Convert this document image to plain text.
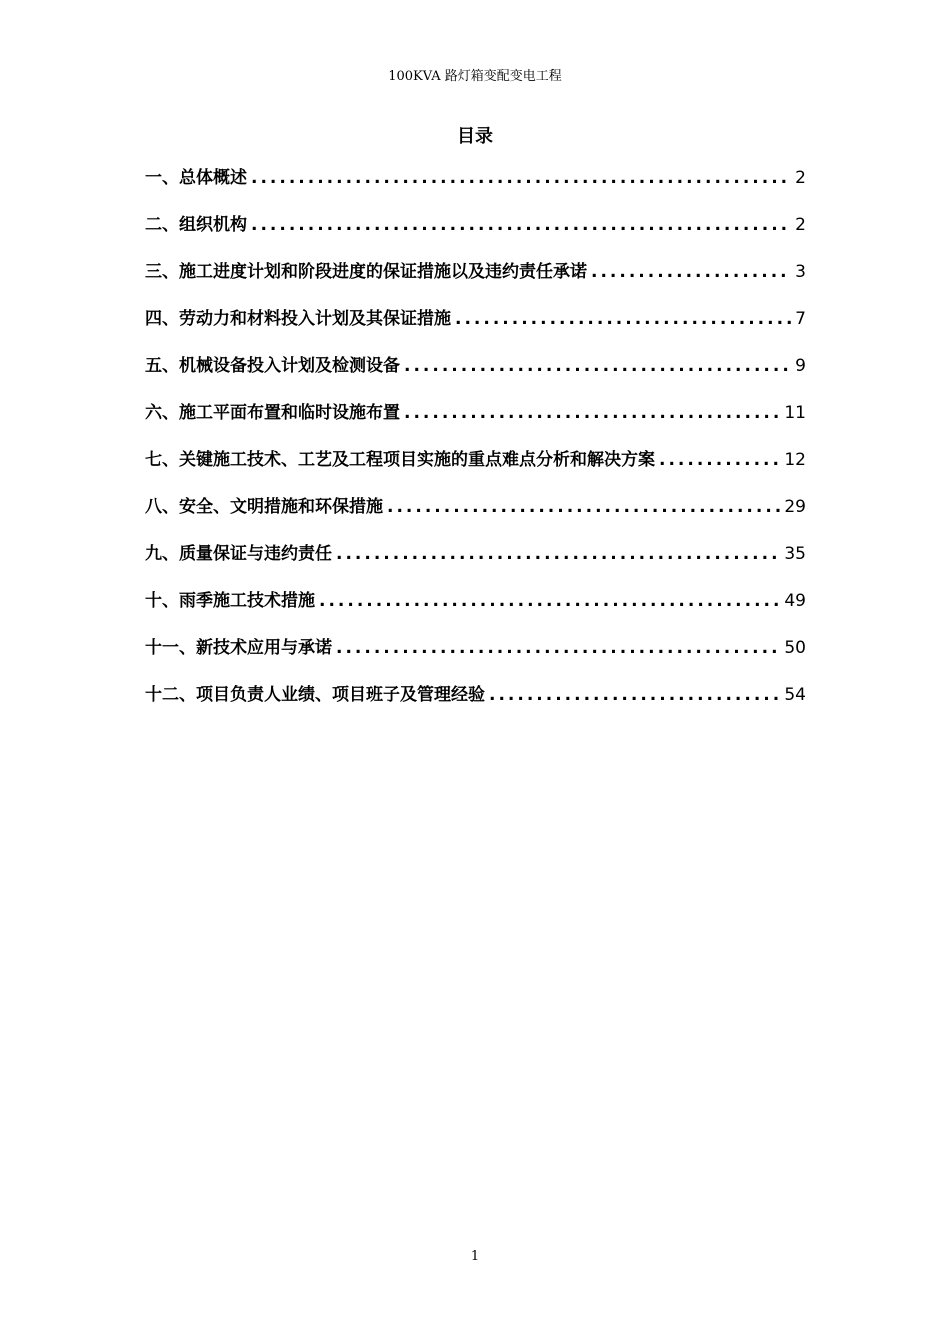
100KVA 路灯箱变配变电工程
目录
一、总体概述 .....	2
二、组织机构 .....	2
三、施工进度计划和阶段进度的保证措施以及违约责任承诺 .....	3
四、劳动力和材料投入计划及其保证措施 .....	7
五、机械设备投入计划及检测设备 .....	9
六、施工平面布置和临时设施布置 .....	11
七、关键施工技术、工艺及工程项目实施的重点难点分析和解决方案 .....	12
八、安全、文明措施和环保措施 .....	29
九、质量保证与违约责任 .....	35
十、雨季施工技术措施 .....	49
十一、新技术应用与承诺 .....	50
十二、项目负责人业绩、项目班子及管理经验 .....	54
1
